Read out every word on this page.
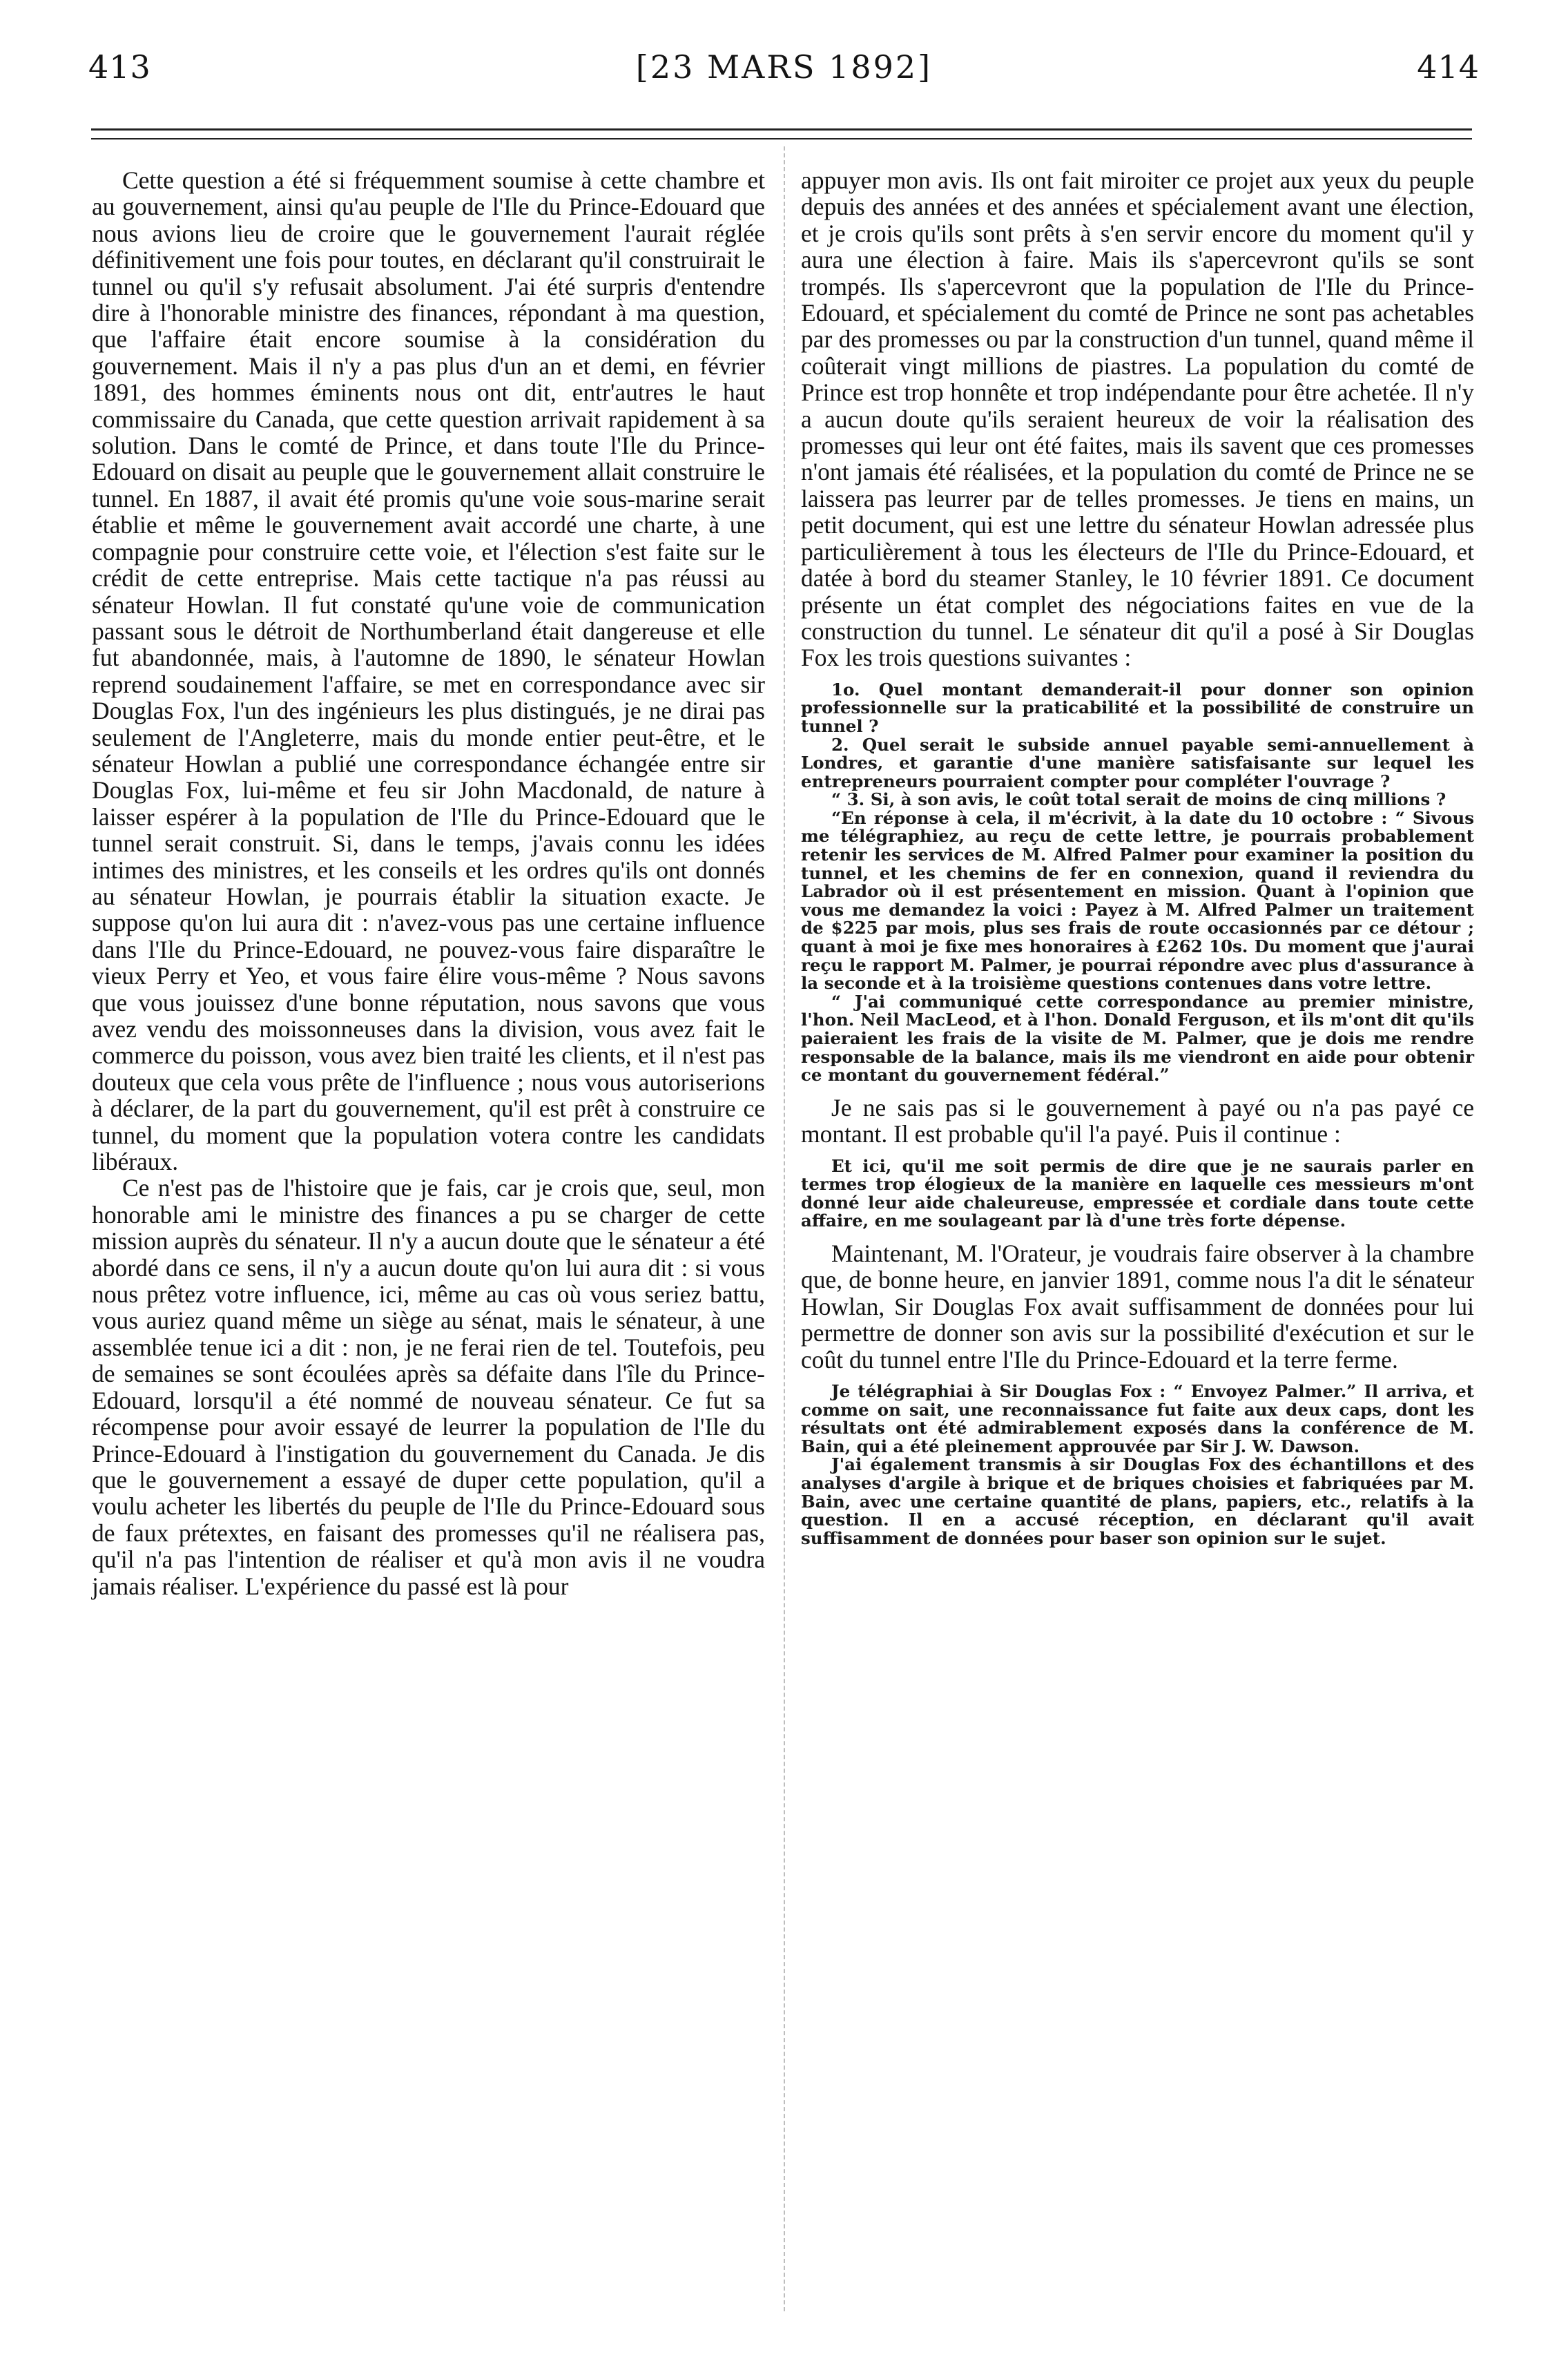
413	[23 MARS 1892]	414

Cette question a été si fréquemment soumise à cette chambre et au gouvernement, ainsi qu'au peuple de l'Ile du Prince-Edouard que nous avions lieu de croire que le gouvernement l'aurait réglée définitivement une fois pour toutes, en déclarant qu'il construirait le tunnel ou qu'il s'y refusait absolument. J'ai été surpris d'entendre dire à l'honorable ministre des finances, répondant à ma question, que l'affaire était encore soumise à la considération du gouvernement. Mais il n'y a pas plus d'un an et demi, en février 1891, des hommes éminents nous ont dit, entr'autres le haut commissaire du Canada, que cette question arrivait rapidement à sa solution. Dans le comté de Prince, et dans toute l'Ile du Prince-Edouard on disait au peuple que le gouvernement allait construire le tunnel. En 1887, il avait été promis qu'une voie sous-marine serait établie et même le gouvernement avait accordé une charte, à une compagnie pour construire cette voie, et l'élection s'est faite sur le crédit de cette entreprise. Mais cette tactique n'a pas réussi au sénateur Howlan. Il fut constaté qu'une voie de communication passant sous le détroit de Northumberland était dangereuse et elle fut abandonnée, mais, à l'automne de 1890, le sénateur Howlan reprend soudainement l'affaire, se met en correspondance avec sir Douglas Fox, l'un des ingénieurs les plus distingués, je ne dirai pas seulement de l'Angleterre, mais du monde entier peut-être, et le sénateur Howlan a publié une correspondance échangée entre sir Douglas Fox, lui-même et feu sir John Macdonald, de nature à laisser espérer à la population de l'Ile du Prince-Edouard que le tunnel serait construit. Si, dans le temps, j'avais connu les idées intimes des ministres, et les conseils et les ordres qu'ils ont donnés au sénateur Howlan, je pourrais établir la situation exacte. Je suppose qu'on lui aura dit : n'avez-vous pas une certaine influence dans l'Ile du Prince-Edouard, ne pouvez-vous faire disparaître le vieux Perry et Yeo, et vous faire élire vous-même ? Nous savons que vous jouissez d'une bonne réputation, nous savons que vous avez vendu des moissonneuses dans la division, vous avez fait le commerce du poisson, vous avez bien traité les clients, et il n'est pas douteux que cela vous prête de l'influence ; nous vous autoriserions à déclarer, de la part du gouvernement, qu'il est prêt à construire ce tunnel, du moment que la population votera contre les candidats libéraux.

Ce n'est pas de l'histoire que je fais, car je crois que, seul, mon honorable ami le ministre des finances a pu se charger de cette mission auprès du sénateur. Il n'y a aucun doute que le sénateur a été abordé dans ce sens, il n'y a aucun doute qu'on lui aura dit : si vous nous prêtez votre influence, ici, même au cas où vous seriez battu, vous auriez quand même un siège au sénat, mais le sénateur, à une assemblée tenue ici a dit : non, je ne ferai rien de tel. Toutefois, peu de semaines se sont écoulées après sa défaite dans l'île du Prince-Edouard, lorsqu'il a été nommé de nouveau sénateur. Ce fut sa récompense pour avoir essayé de leurrer la population de l'Ile du Prince-Edouard à l'instigation du gouvernement du Canada. Je dis que le gouvernement a essayé de duper cette population, qu'il a voulu acheter les libertés du peuple de l'Ile du Prince-Edouard sous de faux prétextes, en faisant des promesses qu'il ne réalisera pas, qu'il n'a pas l'intention de réaliser et qu'à mon avis il ne voudra jamais réaliser. L'expérience du passé est là pour

appuyer mon avis. Ils ont fait miroiter ce projet aux yeux du peuple depuis des années et des années et spécialement avant une élection, et je crois qu'ils sont prêts à s'en servir encore du moment qu'il y aura une élection à faire. Mais ils s'apercevront qu'ils se sont trompés. Ils s'apercevront que la population de l'Ile du Prince-Edouard, et spécialement du comté de Prince ne sont pas achetables par des promesses ou par la construction d'un tunnel, quand même il coûterait vingt millions de piastres. La population du comté de Prince est trop honnête et trop indépendante pour être achetée. Il n'y a aucun doute qu'ils seraient heureux de voir la réalisation des promesses qui leur ont été faites, mais ils savent que ces promesses n'ont jamais été réalisées, et la population du comté de Prince ne se laissera pas leurrer par de telles promesses. Je tiens en mains, un petit document, qui est une lettre du sénateur Howlan adressée plus particulièrement à tous les électeurs de l'Ile du Prince-Edouard, et datée à bord du steamer Stanley, le 10 février 1891. Ce document présente un état complet des négociations faites en vue de la construction du tunnel. Le sénateur dit qu'il a posé à Sir Douglas Fox les trois questions suivantes :

1o. Quel montant demanderait-il pour donner son opinion professionnelle sur la praticabilité et la possibilité de construire un tunnel ?

2. Quel serait le subside annuel payable semi-annuellement à Londres, et garantie d'une manière satisfaisante sur lequel les entrepreneurs pourraient compter pour compléter l'ouvrage ?

“ 3. Si, à son avis, le coût total serait de moins de cinq millions ?

“En réponse à cela, il m'écrivit, à la date du 10 octobre : “ Sivous me télégraphiez, au reçu de cette lettre, je pourrais probablement retenir les services de M. Alfred Palmer pour examiner la position du tunnel, et les chemins de fer en connexion, quand il reviendra du Labrador où il est présentement en mission. Quant à l'opinion que vous me demandez la voici : Payez à M. Alfred Palmer un traitement de $225 par mois, plus ses frais de route occasionnés par ce détour ; quant à moi je fixe mes honoraires à £262 10s. Du moment que j'aurai reçu le rapport M. Palmer, je pourrai répondre avec plus d'assurance à la seconde et à la troisième questions contenues dans votre lettre.

“ J'ai communiqué cette correspondance au premier ministre, l'hon. Neil MacLeod, et à l'hon. Donald Ferguson, et ils m'ont dit qu'ils paieraient les frais de la visite de M. Palmer, que je dois me rendre responsable de la balance, mais ils me viendront en aide pour obtenir ce montant du gouvernement fédéral.”

Je ne sais pas si le gouvernement à payé ou n'a pas payé ce montant. Il est probable qu'il l'a payé. Puis il continue :

Et ici, qu'il me soit permis de dire que je ne saurais parler en termes trop élogieux de la manière en laquelle ces messieurs m'ont donné leur aide chaleureuse, empressée et cordiale dans toute cette affaire, en me soulageant par là d'une très forte dépense.

Maintenant, M. l'Orateur, je voudrais faire observer à la chambre que, de bonne heure, en janvier 1891, comme nous l'a dit le sénateur Howlan, Sir Douglas Fox avait suffisamment de données pour lui permettre de donner son avis sur la possibilité d'exécution et sur le coût du tunnel entre l'Ile du Prince-Edouard et la terre ferme.

Je télégraphiai à Sir Douglas Fox : “ Envoyez Palmer.” Il arriva, et comme on sait, une reconnaissance fut faite aux deux caps, dont les résultats ont été admirablement exposés dans la conférence de M. Bain, qui a été pleinement approuvée par Sir J. W. Dawson.

J'ai également transmis à sir Douglas Fox des échantillons et des analyses d'argile à brique et de briques choisies et fabriquées par M. Bain, avec une certaine quantité de plans, papiers, etc., relatifs à la question. Il en a accusé réception, en déclarant qu'il avait suffisamment de données pour baser son opinion sur le sujet.
